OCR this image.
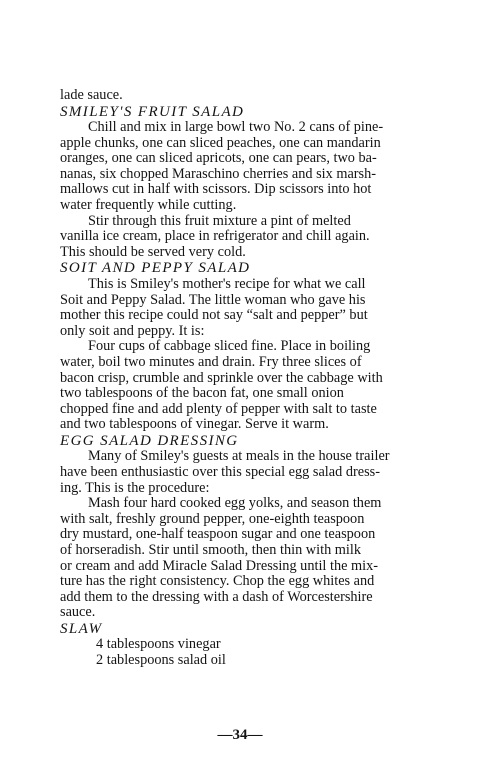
lade sauce.
SMILEY'S FRUIT SALAD
Chill and mix in large bowl two No. 2 cans of pine-
apple chunks, one can sliced peaches, one can mandarin
oranges, one can sliced apricots, one can pears, two ba-
nanas, six chopped Maraschino cherries and six marsh-
mallows cut in half with scissors. Dip scissors into hot
water frequently while cutting.
Stir through this fruit mixture a pint of melted
vanilla ice cream, place in refrigerator and chill again.
This should be served very cold.
SOIT AND PEPPY SALAD
This is Smiley's mother's recipe for what we call
Soit and Peppy Salad. The little woman who gave his
mother this recipe could not say “salt and pepper” but
only soit and peppy. It is:
Four cups of cabbage sliced fine. Place in boiling
water, boil two minutes and drain. Fry three slices of
bacon crisp, crumble and sprinkle over the cabbage with
two tablespoons of the bacon fat, one small onion
chopped fine and add plenty of pepper with salt to taste
and two tablespoons of vinegar. Serve it warm.
EGG SALAD DRESSING
Many of Smiley's guests at meals in the house trailer
have been enthusiastic over this special egg salad dress-
ing. This is the procedure:
Mash four hard cooked egg yolks, and season them
with salt, freshly ground pepper, one-eighth teaspoon
dry mustard, one-half teaspoon sugar and one teaspoon
of horseradish. Stir until smooth, then thin with milk
or cream and add Miracle Salad Dressing until the mix-
ture has the right consistency. Chop the egg whites and
add them to the dressing with a dash of Worcestershire
sauce.
SLAW
4 tablespoons vinegar
2 tablespoons salad oil
—34—
